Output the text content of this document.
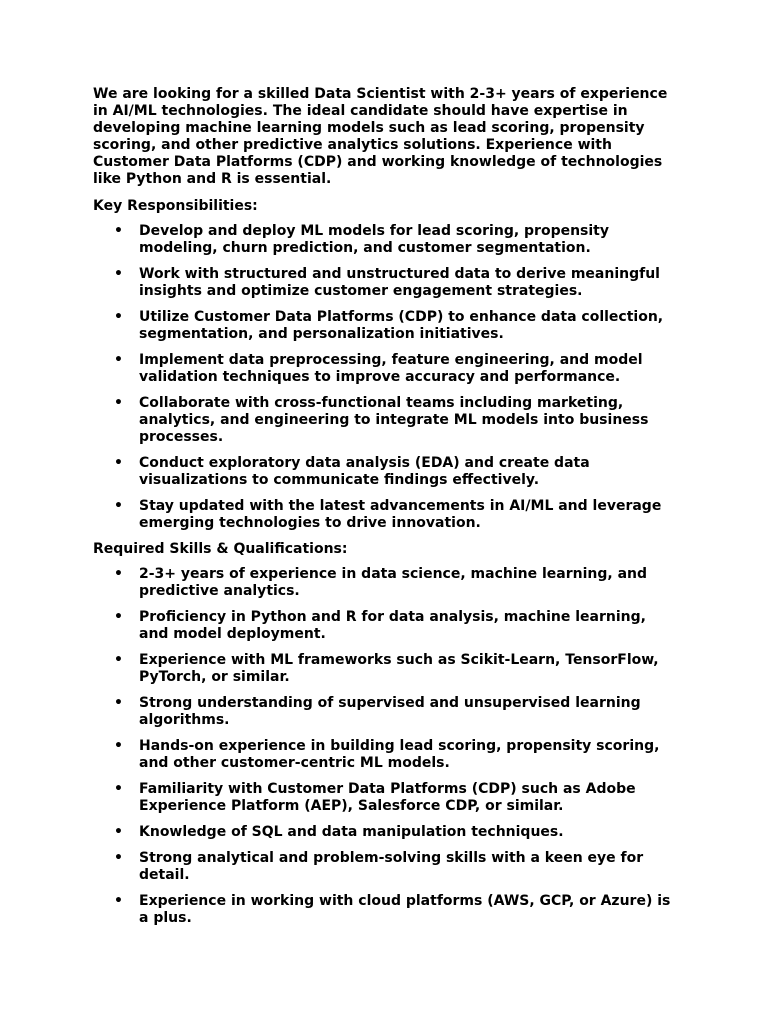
We are looking for a skilled Data Scientist with 2-3+ years of experience in AI/ML technologies. The ideal candidate should have expertise in developing machine learning models such as lead scoring, propensity scoring, and other predictive analytics solutions. Experience with Customer Data Platforms (CDP) and working knowledge of technologies like Python and R is essential.

Key Responsibilities:

• Develop and deploy ML models for lead scoring, propensity modeling, churn prediction, and customer segmentation.
• Work with structured and unstructured data to derive meaningful insights and optimize customer engagement strategies.
• Utilize Customer Data Platforms (CDP) to enhance data collection, segmentation, and personalization initiatives.
• Implement data preprocessing, feature engineering, and model validation techniques to improve accuracy and performance.
• Collaborate with cross-functional teams including marketing, analytics, and engineering to integrate ML models into business processes.
• Conduct exploratory data analysis (EDA) and create data visualizations to communicate findings effectively.
• Stay updated with the latest advancements in AI/ML and leverage emerging technologies to drive innovation.

Required Skills & Qualifications:

• 2-3+ years of experience in data science, machine learning, and predictive analytics.
• Proficiency in Python and R for data analysis, machine learning, and model deployment.
• Experience with ML frameworks such as Scikit-Learn, TensorFlow, PyTorch, or similar.
• Strong understanding of supervised and unsupervised learning algorithms.
• Hands-on experience in building lead scoring, propensity scoring, and other customer-centric ML models.
• Familiarity with Customer Data Platforms (CDP) such as Adobe Experience Platform (AEP), Salesforce CDP, or similar.
• Knowledge of SQL and data manipulation techniques.
• Strong analytical and problem-solving skills with a keen eye for detail.
• Experience in working with cloud platforms (AWS, GCP, or Azure) is a plus.
